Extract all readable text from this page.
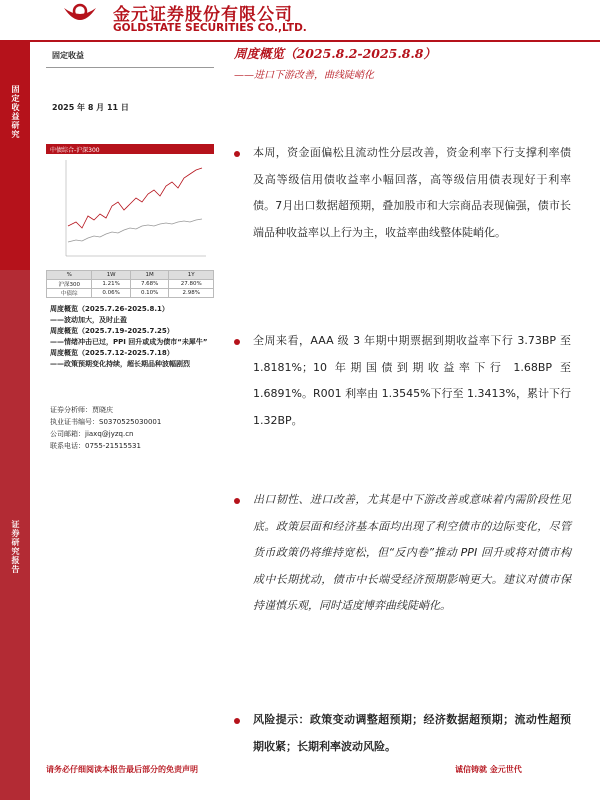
金元证券股份有限公司
GOLDSTATE SECURITIES CO.,LTD.
固定收益研究
证券研究报告
固定收益
2025 年 8 月 11 日
中债综合-沪深300
%	1W	1M	1Y
沪深300	1.21%	7.68%	27.80%
中债综	0.06%	0.10%	2.98%
周度概览（2025.7.26-2025.8.1）
——波动加大，及时止盈
周度概览（2025.7.19-2025.7.25）
——情绪冲击已过，PPI 回升或成为债市“未犀牛”
周度概览（2025.7.12-2025.7.18）
——政策预期变化持续，超长期品种波幅剧烈
证券分析师：贾晓庆
执业证书编号：S0370525030001
公司邮箱：jiaxq@jyzq.cn
联系电话：0755-21515531
周度概览（2025.8.2-2025.8.8）
——进口下游改善，曲线陡峭化
本周，资金面偏松且流动性分层改善，资金利率下行支撑利率债及高等级信用债收益率小幅回落，高等级信用债表现好于利率债。7月出口数据超预期，叠加股市和大宗商品表现偏强，债市长端品种收益率以上行为主，收益率曲线整体陡峭化。
全周来看，AAA 级 3 年期中期票据到期收益率下行 3.73BP 至 1.8181%；10 年期国债到期收益率下行 1.68BP 至 1.6891%。R001 利率由 1.3545%下行至 1.3413%，累计下行 1.32BP。
出口韧性、进口改善，尤其是中下游改善或意味着内需阶段性见底。政策层面和经济基本面均出现了利空债市的边际变化，尽管货币政策仍将维持宽松，但“反内卷”推动 PPI 回升或将对债市构成中长期扰动，债市中长端受经济预期影响更大。建议对债市保持谨慎乐观，同时适度博弈曲线陡峭化。
风险提示：政策变动调整超预期；经济数据超预期；流动性超预期收紧；长期利率波动风险。
请务必仔细阅读本报告最后部分的免责声明	诚信铸就 金元世代
